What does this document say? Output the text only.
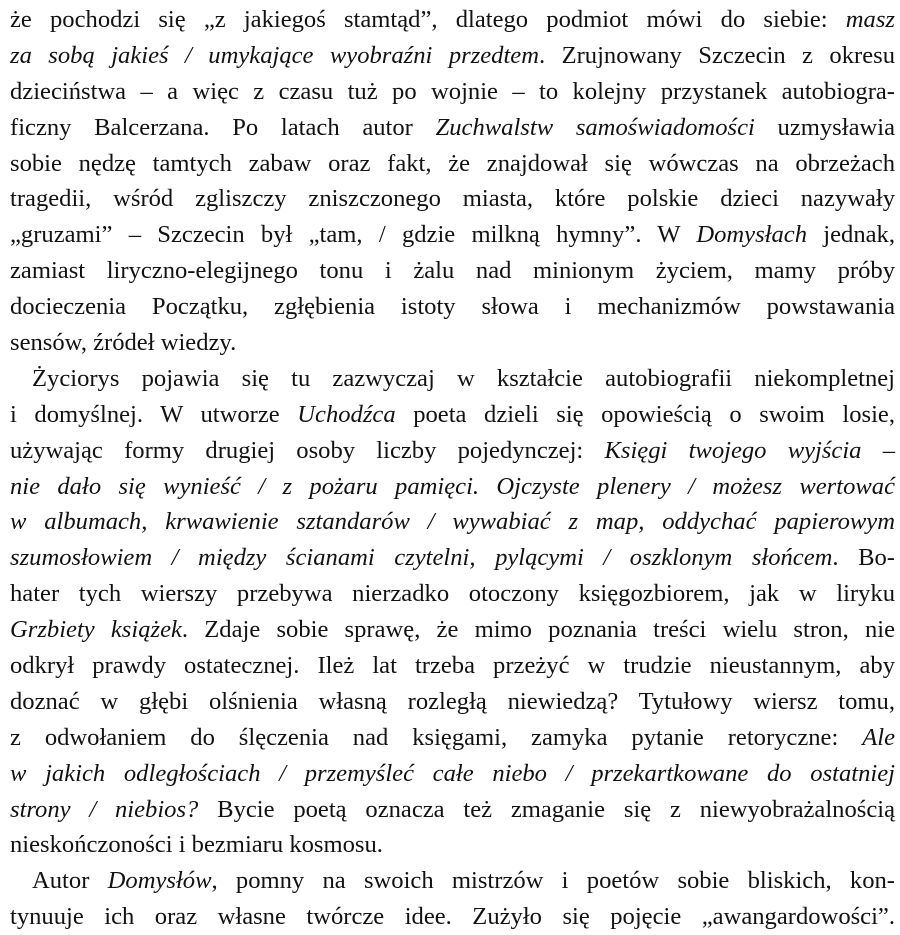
że pochodzi się „z jakiegoś stamtąd”, dlatego podmiot mówi do siebie: masz
za sobą jakieś / umykające wyobraźni przedtem. Zrujnowany Szczecin z okresu
dzieciństwa – a więc z czasu tuż po wojnie – to kolejny przystanek autobiogra-
ficzny Balcerzana. Po latach autor Zuchwalstw samoświadomości uzmysławia
sobie nędzę tamtych zabaw oraz fakt, że znajdował się wówczas na obrzeżach
tragedii, wśród zgliszczy zniszczonego miasta, które polskie dzieci nazywały
„gruzami” – Szczecin był „tam, / gdzie milkną hymny”. W Domysłach jednak,
zamiast liryczno-elegijnego tonu i żalu nad minionym życiem, mamy próby
docieczenia Początku, zgłębienia istoty słowa i mechanizmów powstawania
sensów, źródeł wiedzy.
Życiorys pojawia się tu zazwyczaj w kształcie autobiografii niekompletnej
i domyślnej. W utworze Uchodźca poeta dzieli się opowieścią o swoim losie,
używając formy drugiej osoby liczby pojedynczej: Księgi twojego wyjścia –
nie dało się wynieść / z pożaru pamięci. Ojczyste plenery / możesz wertować
w albumach, krwawienie sztandarów / wywabiać z map, oddychać papierowym
szumosłowiem / między ścianami czytelni, pylącymi / oszklonym słońcem. Bo-
hater tych wierszy przebywa nierzadko otoczony księgozbiorem, jak w liryku
Grzbiety książek. Zdaje sobie sprawę, że mimo poznania treści wielu stron, nie
odkrył prawdy ostatecznej. Ileż lat trzeba przeżyć w trudzie nieustannym, aby
doznać w głębi olśnienia własną rozległą niewiedzą? Tytułowy wiersz tomu,
z odwołaniem do ślęczenia nad księgami, zamyka pytanie retoryczne: Ale
w jakich odległościach / przemyśleć całe niebo / przekartkowane do ostatniej
strony / niebios? Bycie poetą oznacza też zmaganie się z niewyobrażalnością
nieskończoności i bezmiaru kosmosu.
Autor Domysłów, pomny na swoich mistrzów i poetów sobie bliskich, kon-
tynuuje ich oraz własne twórcze idee. Zużyło się pojęcie „awangardowości”.
